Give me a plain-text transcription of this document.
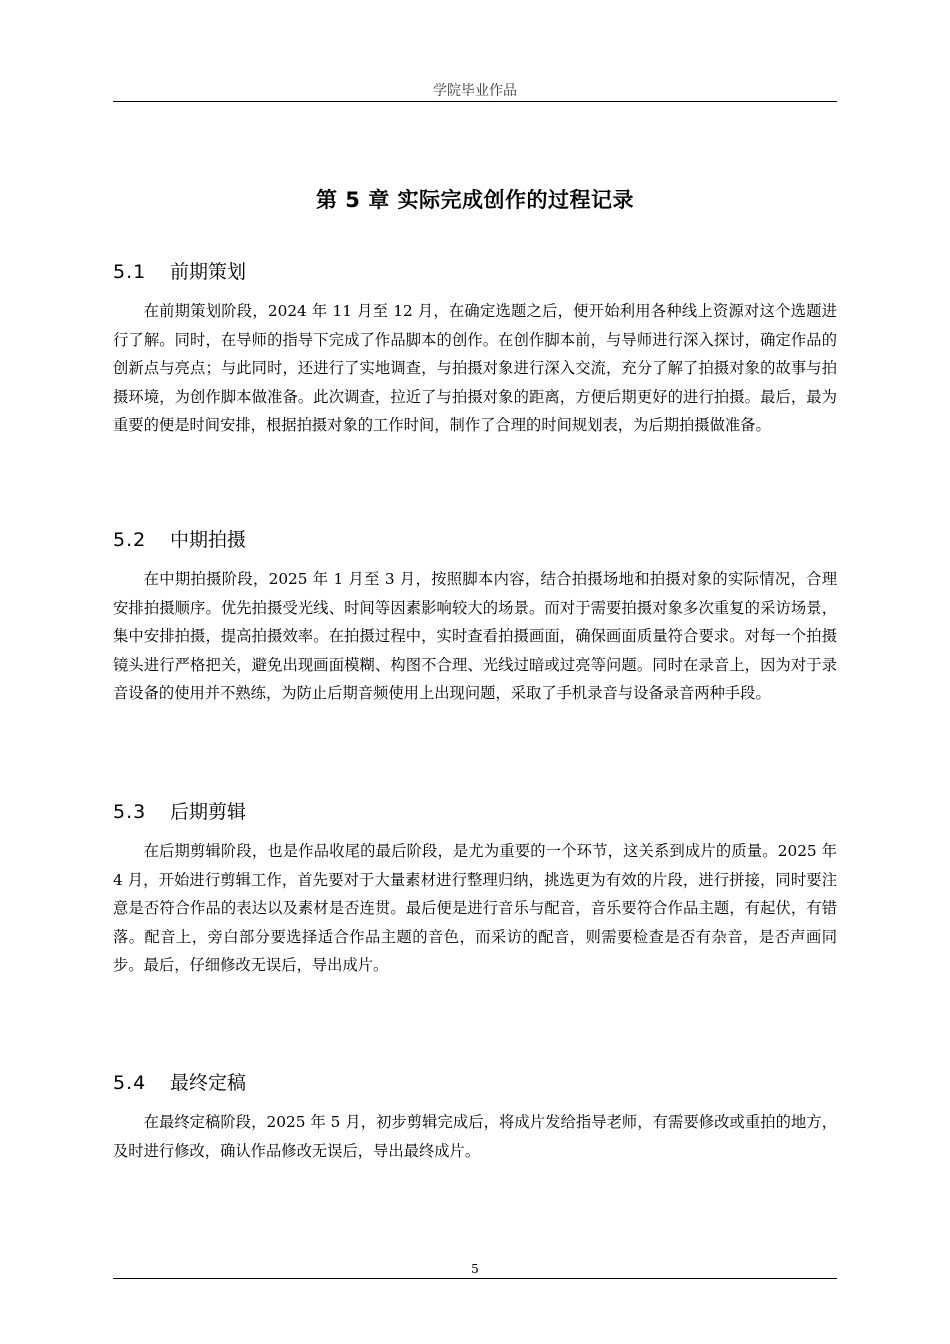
学院毕业作品
第 5 章 实际完成创作的过程记录
5.1	前期策划
在前期策划阶段，2024 年 11 月至 12 月，在确定选题之后，便开始利用各种线上资源对这个选题进行了解。同时，在导师的指导下完成了作品脚本的创作。在创作脚本前，与导师进行深入探讨，确定作品的创新点与亮点；与此同时，还进行了实地调查，与拍摄对象进行深入交流，充分了解了拍摄对象的故事与拍摄环境，为创作脚本做准备。此次调查，拉近了与拍摄对象的距离，方便后期更好的进行拍摄。最后，最为重要的便是时间安排，根据拍摄对象的工作时间，制作了合理的时间规划表，为后期拍摄做准备。
5.2	中期拍摄
在中期拍摄阶段，2025 年 1 月至 3 月，按照脚本内容，结合拍摄场地和拍摄对象的实际情况，合理安排拍摄顺序。优先拍摄受光线、时间等因素影响较大的场景。而对于需要拍摄对象多次重复的采访场景，集中安排拍摄，提高拍摄效率。在拍摄过程中，实时查看拍摄画面，确保画面质量符合要求。对每一个拍摄镜头进行严格把关，避免出现画面模糊、构图不合理、光线过暗或过亮等问题。同时在录音上，因为对于录音设备的使用并不熟练，为防止后期音频使用上出现问题，采取了手机录音与设备录音两种手段。
5.3	后期剪辑
在后期剪辑阶段，也是作品收尾的最后阶段，是尤为重要的一个环节，这关系到成片的质量。2025 年 4 月，开始进行剪辑工作，首先要对于大量素材进行整理归纳，挑选更为有效的片段，进行拼接，同时要注意是否符合作品的表达以及素材是否连贯。最后便是进行音乐与配音，音乐要符合作品主题，有起伏，有错落。配音上，旁白部分要选择适合作品主题的音色，而采访的配音，则需要检查是否有杂音，是否声画同步。最后，仔细修改无误后，导出成片。
5.4	最终定稿
在最终定稿阶段，2025 年 5 月，初步剪辑完成后，将成片发给指导老师，有需要修改或重拍的地方，及时进行修改，确认作品修改无误后，导出最终成片。
5
